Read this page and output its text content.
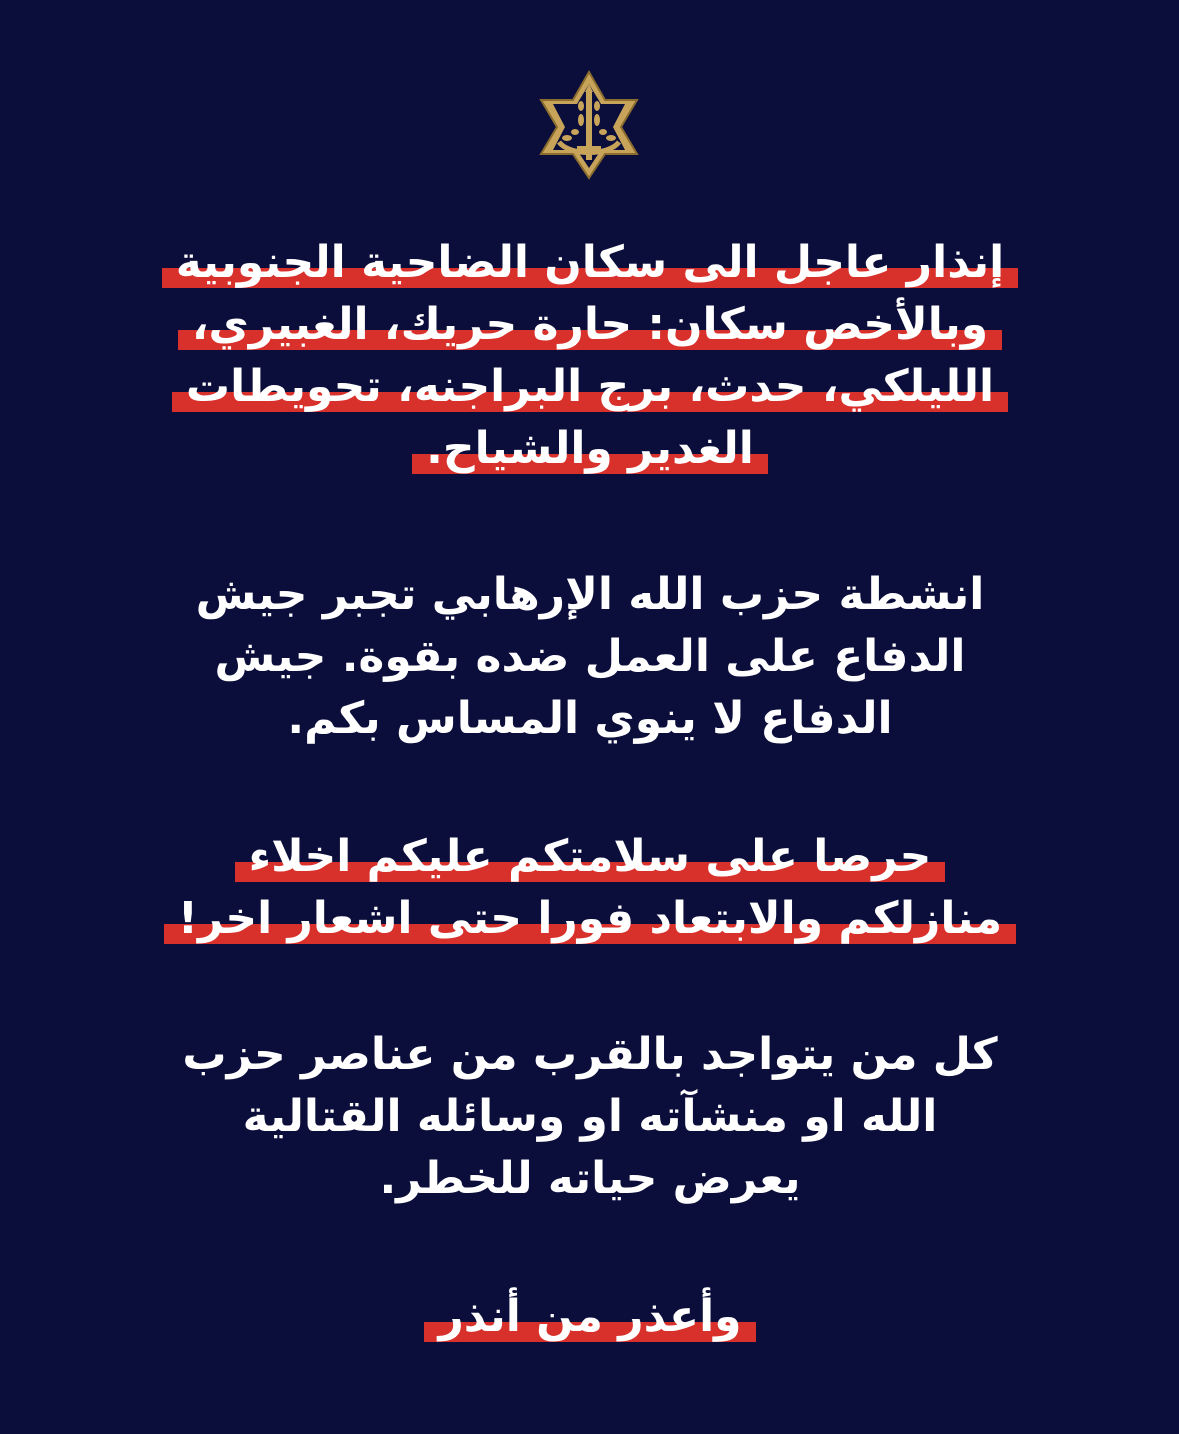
إنذار عاجل الى سكان الضاحية الجنوبية
وبالأخص سكان: حارة حريك، الغبيري،
الليلكي، حدث، برج البراجنه، تحويطات
الغدير والشياح.
انشطة حزب الله الإرهابي تجبر جيش
الدفاع على العمل ضده بقوة. جيش
الدفاع لا ينوي المساس بكم.
حرصا على سلامتكم عليكم اخلاء
منازلكم والابتعاد فورا حتى اشعار اخر!
كل من يتواجد بالقرب من عناصر حزب
الله او منشآته او وسائله القتالية
يعرض حياته للخطر.
وأعذر من أنذر
